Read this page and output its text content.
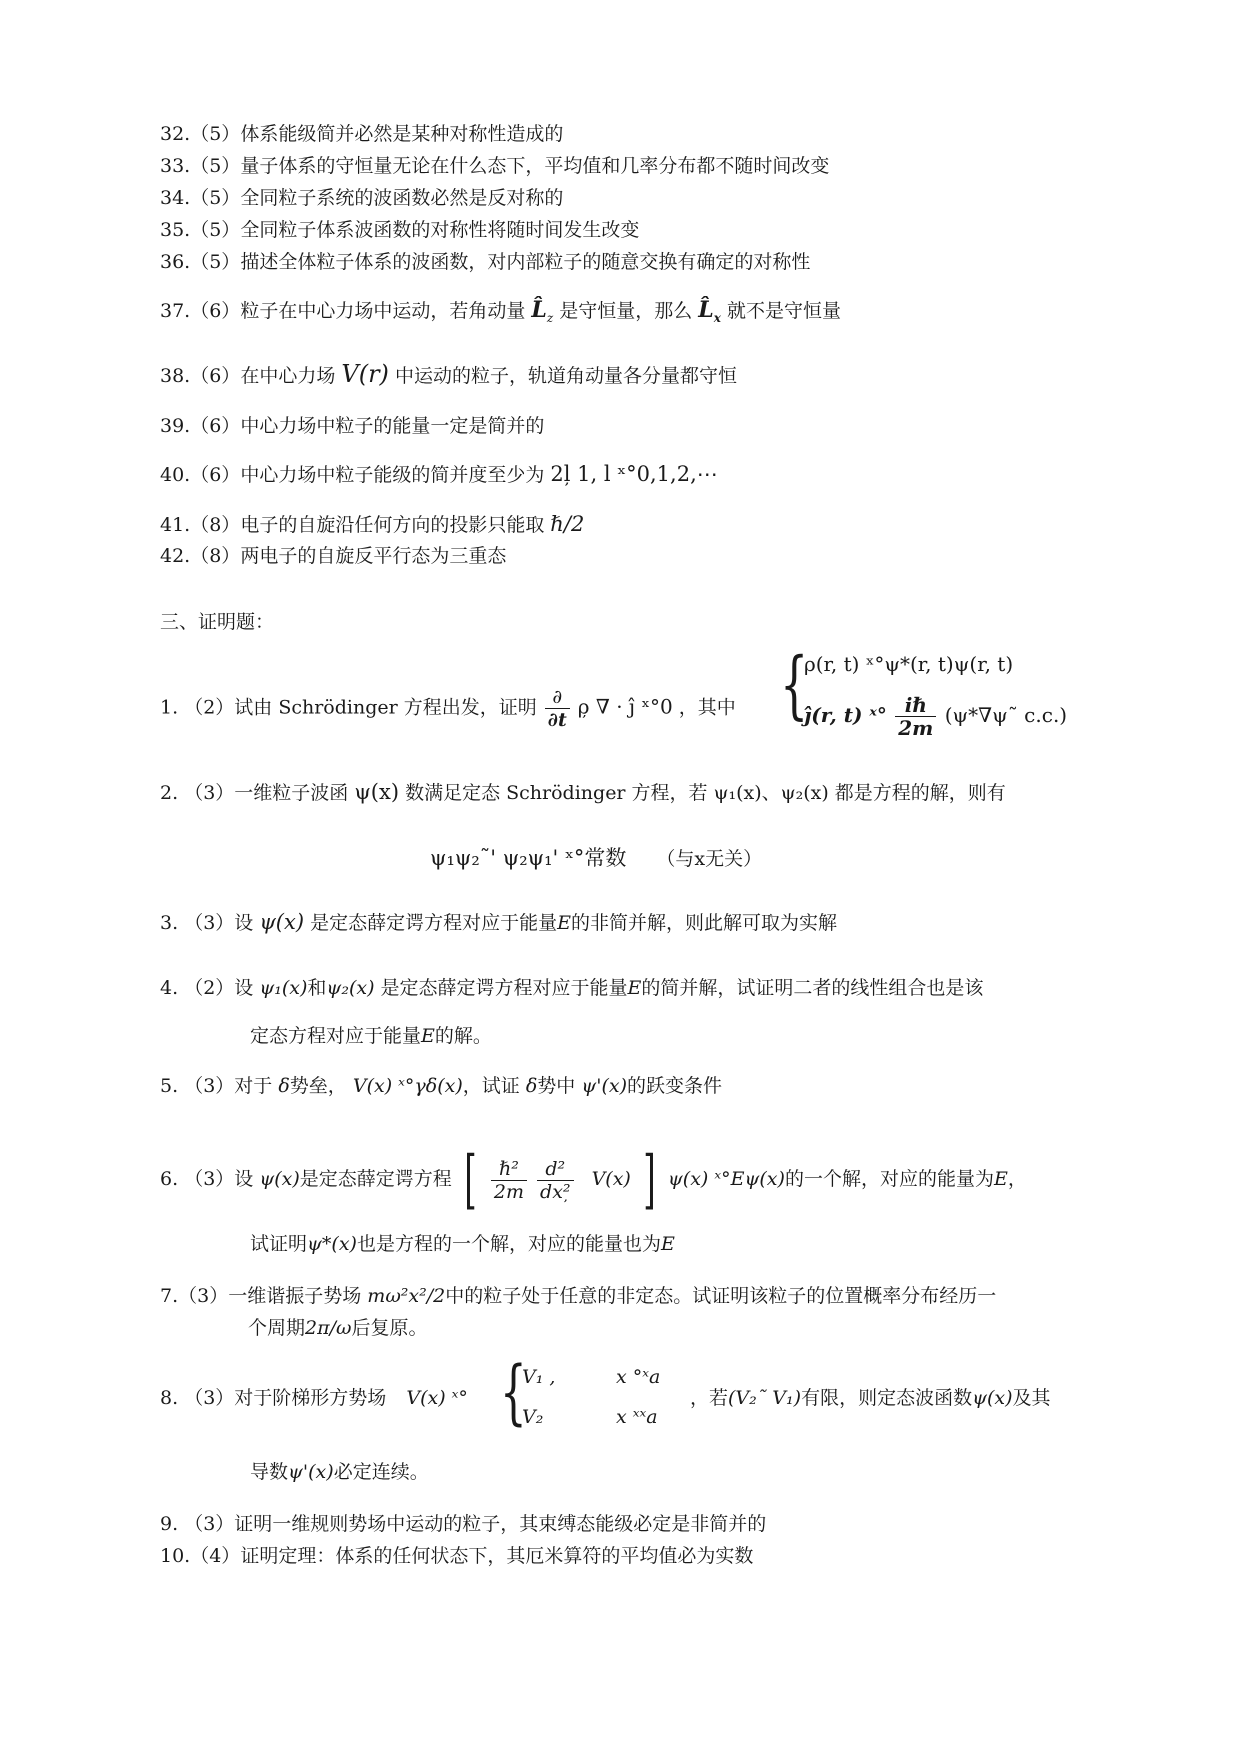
32.（5）体系能级简并必然是某种对称性造成的
33.（5）量子体系的守恒量无论在什么态下，平均值和几率分布都不随时间改变
34.（5）全同粒子系统的波函数必然是反对称的
35.（5）全同粒子体系波函数的对称性将随时间发生改变
36.（5）描述全体粒子体系的波函数，对内部粒子的随意交换有确定的对称性
37.（6）粒子在中心力场中运动，若角动量 $L̂_z$ 是守恒量，那么 $L̂_x$ 就不是守恒量
38.（6）在中心力场 V(r) 中运动的粒子，轨道角动量各分量都守恒
39.（6）中心力场中粒子的能量一定是简并的
40.（6）中心力场中粒子能级的简并度至少为 2l̦ 1, l ˣ°0,1,2,⋯
41.（8）电子的自旋沿任何方向的投影只能取 ℏ/2
42.（8）两电子的自旋反平行态为三重态
三、证明题：
1. （2）试由 Schrödinger 方程出发，证明 $\frac{\partial}{\partial t}$ ρ̦ ∇ · ĵ ˣ°0 ，其中 {
ρ(r, t) ˣ°ψ*(r, t)ψ(r, t)
ĵ(r, t) ˣ° $\frac{\text{iℏ}}{2m}$ (ψ*∇ψ˜ c.c.)
2. （3）一维粒子波函 ψ(x) 数满足定态 Schrödinger 方程，若 ψ₁(x)、ψ₂(x) 都是方程的解，则有
ψ₁ψ₂˜' ψ₂ψ₁' ˣ°常数 （与x无关）
3. （3）设 ψ(x) 是定态薛定谔方程对应于能量E的非简并解，则此解可取为实解
4. （2）设 ψ₁(x)和ψ₂(x) 是定态薛定谔方程对应于能量E的简并解，试证明二者的线性组合也是该
定态方程对应于能量E的解。
5. （3）对于 δ势垒， V(x) ˣ°γδ(x)，试证 δ势中 ψ'(x)的跃变条件
6. （3）设 ψ(x)是定态薛定谔方程 [ $\frac{\text{ℏ²}}{2m}$
$\frac{\text{d²}}{\text{dx²̦}} V(x)$ ] ψ(x) ˣ°Eψ(x)的一个解，对应的能量为E，
试证明ψ*(x)也是方程的一个解，对应的能量也为E
7.（3）一维谐振子势场 mω²x²/2中的粒子处于任意的非定态。试证明该粒子的位置概率分布经历一
个周期2π/ω后复原。
8. （3）对于阶梯形方势场 V(x) ˣ° {
V₁ ,	x °ˣa
V₂	x ˣˣa
，若(V₂˜ V₁)有限，则定态波函数ψ(x)及其
导数ψ'(x)必定连续。
9. （3）证明一维规则势场中运动的粒子，其束缚态能级必定是非简并的
10.（4）证明定理：体系的任何状态下，其厄米算符的平均值必为实数
